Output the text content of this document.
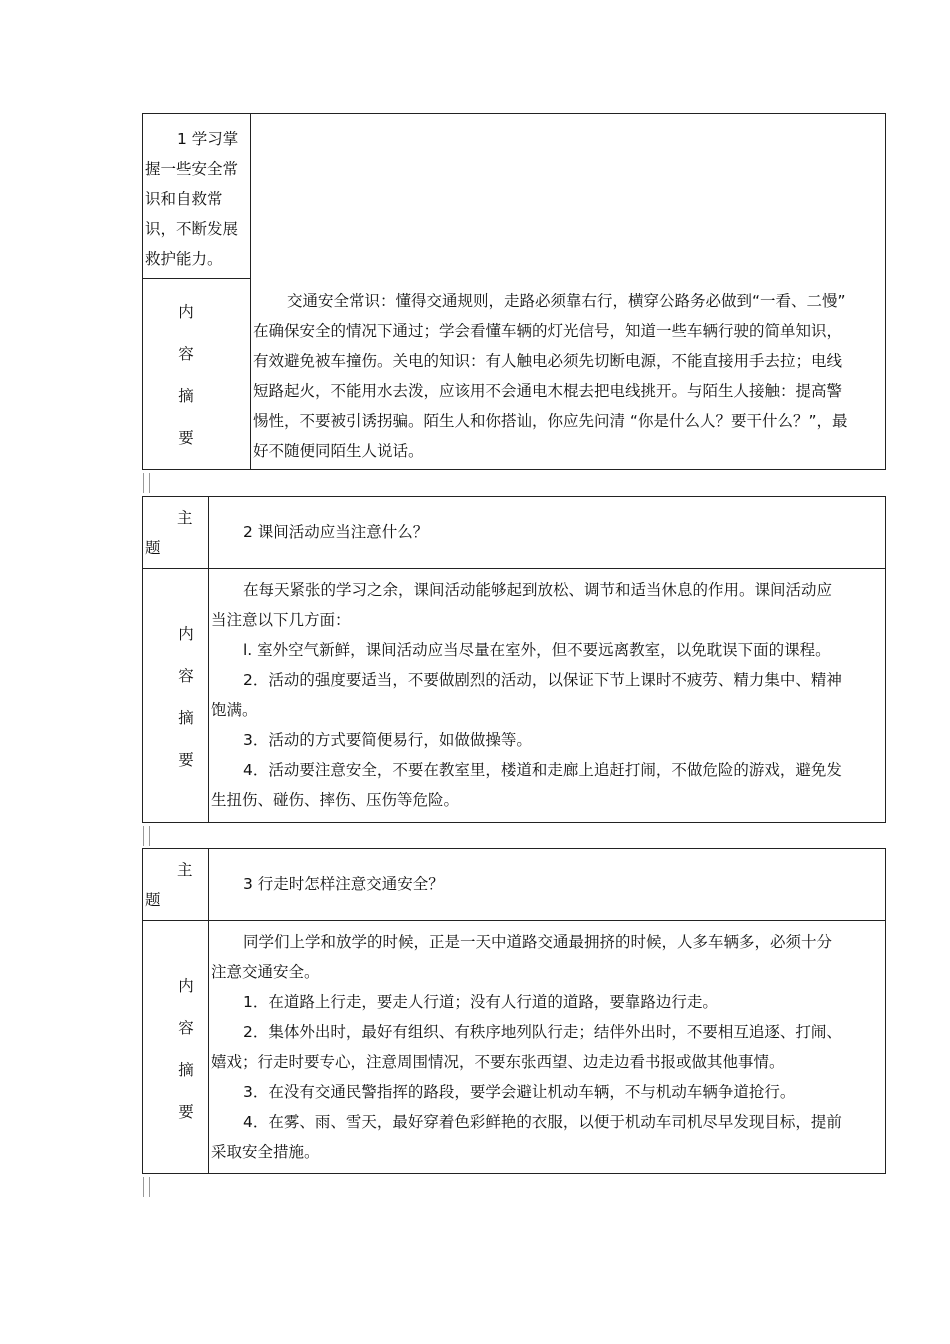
1 学习掌
握一些安全常
识和自救常
识，不断发展
救护能力。
内
容
摘
要
交通安全常识：懂得交通规则，走路必须靠右行，横穿公路务必做到“一看、二慢”
在确保安全的情况下通过；学会看懂车辆的灯光信号，知道一些车辆行驶的简单知识，
有效避免被车撞伤。关电的知识：有人触电必须先切断电源，不能直接用手去拉；电线
短路起火，不能用水去泼，应该用不会通电木棍去把电线挑开。与陌生人接触：提高警
惕性，不要被引诱拐骗。陌生人和你搭讪，你应先问清 “你是什么人？要干什么？”，最
好不随便同陌生人说话。
主
题
2 课间活动应当注意什么？
内
容
摘
要
在每天紧张的学习之余，课间活动能够起到放松、调节和适当休息的作用。课间活动应
当注意以下几方面：
l. 室外空气新鲜，课间活动应当尽量在室外，但不要远离教室，以免耽误下面的课程。
2．活动的强度要适当，不要做剧烈的活动，以保证下节上课时不疲劳、精力集中、精神
饱满。
3．活动的方式要简便易行，如做做操等。
4．活动要注意安全，不要在教室里，楼道和走廊上追赶打闹，不做危险的游戏，避免发
生扭伤、碰伤、摔伤、压伤等危险。
主
题
3 行走时怎样注意交通安全？
内
容
摘
要
同学们上学和放学的时候，正是一天中道路交通最拥挤的时候，人多车辆多，必须十分
注意交通安全。
1．在道路上行走，要走人行道；没有人行道的道路，要靠路边行走。
2．集体外出时，最好有组织、有秩序地列队行走；结伴外出时，不要相互追逐、打闹、
嬉戏；行走时要专心，注意周围情况，不要东张西望、边走边看书报或做其他事情。
3．在没有交通民警指挥的路段，要学会避让机动车辆，不与机动车辆争道抢行。
4．在雾、雨、雪天，最好穿着色彩鲜艳的衣服，以便于机动车司机尽早发现目标，提前
采取安全措施。
